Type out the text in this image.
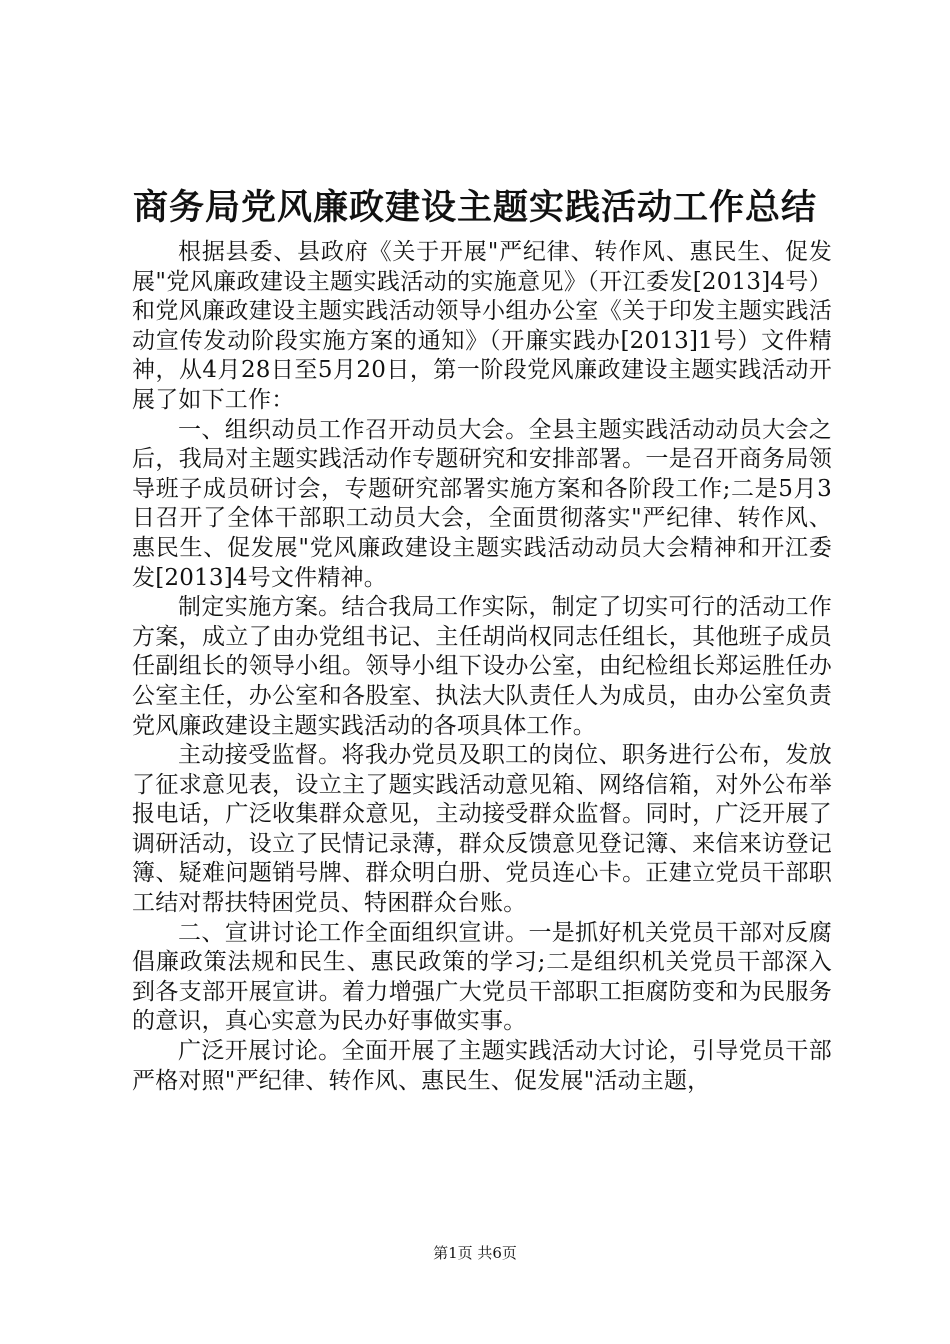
商务局党风廉政建设主题实践活动工作总结

根据县委、县政府《关于开展"严纪律、转作风、惠民生、促发展"党风廉政建设主题实践活动的实施意见》（开江委发[2013]4号）和党风廉政建设主题实践活动领导小组办公室《关于印发主题实践活动宣传发动阶段实施方案的通知》（开廉实践办[2013]1号）文件精神，从4月28日至5月20日，第一阶段党风廉政建设主题实践活动开展了如下工作：

一、组织动员工作召开动员大会。全县主题实践活动动员大会之后，我局对主题实践活动作专题研究和安排部署。一是召开商务局领导班子成员研讨会，专题研究部署实施方案和各阶段工作;二是5月3日召开了全体干部职工动员大会，全面贯彻落实"严纪律、转作风、惠民生、促发展"党风廉政建设主题实践活动动员大会精神和开江委发[2013]4号文件精神。

制定实施方案。结合我局工作实际，制定了切实可行的活动工作方案，成立了由办党组书记、主任胡尚权同志任组长，其他班子成员任副组长的领导小组。领导小组下设办公室，由纪检组长郑运胜任办公室主任，办公室和各股室、执法大队责任人为成员，由办公室负责党风廉政建设主题实践活动的各项具体工作。

主动接受监督。将我办党员及职工的岗位、职务进行公布，发放了征求意见表，设立主了题实践活动意见箱、网络信箱，对外公布举报电话，广泛收集群众意见，主动接受群众监督。同时，广泛开展了调研活动，设立了民情记录薄，群众反馈意见登记簿、来信来访登记簿、疑难问题销号牌、群众明白册、党员连心卡。正建立党员干部职工结对帮扶特困党员、特困群众台账。

二、宣讲讨论工作全面组织宣讲。一是抓好机关党员干部对反腐倡廉政策法规和民生、惠民政策的学习;二是组织机关党员干部深入到各支部开展宣讲。着力增强广大党员干部职工拒腐防变和为民服务的意识，真心实意为民办好事做实事。

广泛开展讨论。全面开展了主题实践活动大讨论，引导党员干部严格对照"严纪律、转作风、惠民生、促发展"活动主题，

第1页 共6页
